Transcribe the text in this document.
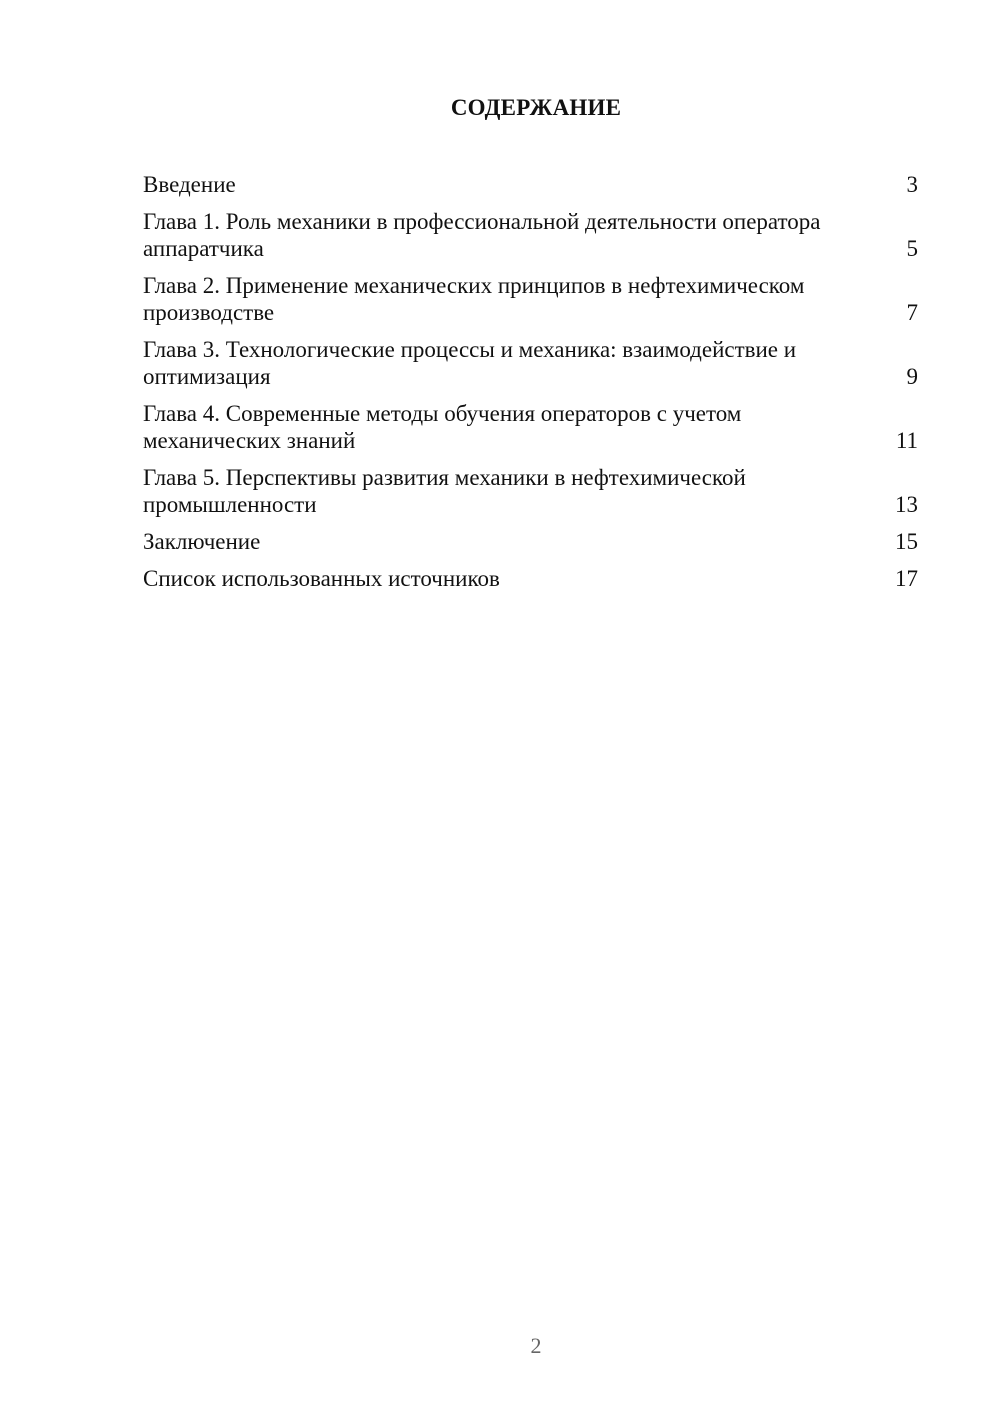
СОДЕРЖАНИЕ
Введение	3
Глава 1. Роль механики в профессиональной деятельности оператора аппаратчика	5
Глава 2. Применение механических принципов в нефтехимическом производстве	7
Глава 3. Технологические процессы и механика: взаимодействие и оптимизация	9
Глава 4. Современные методы обучения операторов с учетом механических знаний	11
Глава 5. Перспективы развития механики в нефтехимической промышленности	13
Заключение	15
Список использованных источников	17
2
